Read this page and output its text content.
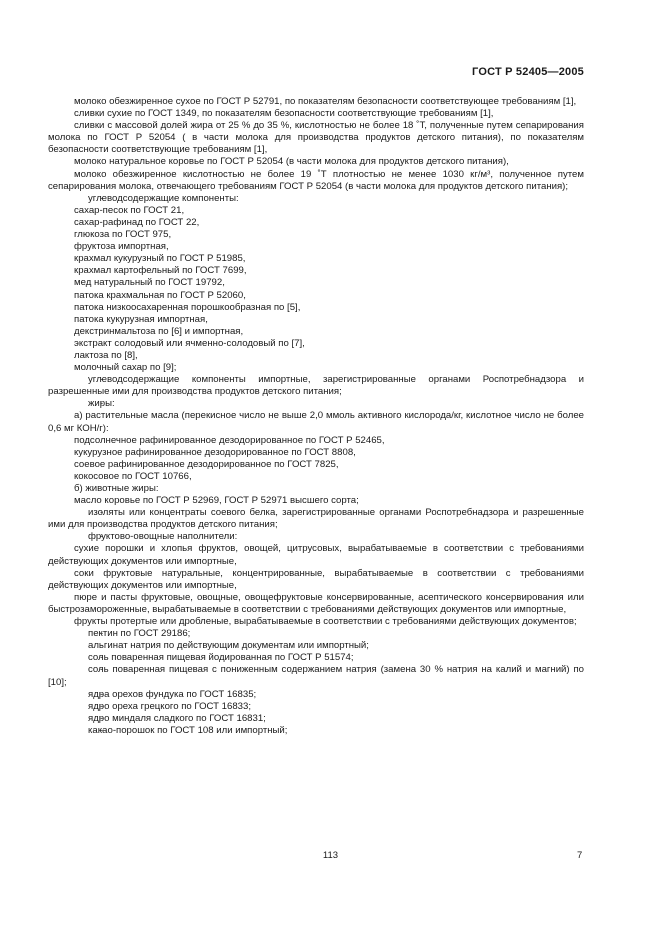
ГОСТ Р 52405—2005

молоко обезжиренное сухое по ГОСТ Р 52791, по показателям безопасности соответствующее требованиям [1],

сливки сухие по ГОСТ 1349, по показателям безопасности соответствующие требованиям [1],

сливки с массовой долей жира от 25 % до 35 %, кислотностью не более 18 ˚Т, полученные путем сепарирования молока по ГОСТ Р 52054 ( в части молока для производства продуктов детского питания), по показателям безопасности соответствующие требованиям [1],

молоко натуральное коровье по ГОСТ Р 52054 (в части молока для продуктов детского питания),

молоко обезжиренное кислотностью не более 19 ˚Т плотностью не менее 1030 кг/м³, полученное путем сепарирования молока, отвечающего требованиям ГОСТ Р 52054 (в части молока для продуктов детского питания);

- углеводсодержащие компоненты:

сахар-песок по ГОСТ 21,

сахар-рафинад по ГОСТ 22,

глюкоза по ГОСТ 975,

фруктоза импортная,

крахмал кукурузный по ГОСТ Р 51985,

крахмал картофельный по ГОСТ 7699,

мед натуральный по ГОСТ 19792,

патока крахмальная по ГОСТ Р 52060,

патока низкоосахаренная порошкообразная по [5],

патока кукурузная импортная,

декстринмальтоза по [6] и импортная,

экстракт солодовый или ячменно-солодовый по [7],

лактоза по [8],

молочный сахар по [9];

- углеводсодержащие компоненты импортные, зарегистрированные органами Роспотребнадзора и разрешенные ими для производства продуктов детского питания;

- жиры:

а) растительные масла (перекисное число не выше 2,0 ммоль активного кислорода/кг, кислотное число не более 0,6 мг КОН/г):

подсолнечное рафинированное дезодорированное по ГОСТ Р 52465,

кукурузное рафинированное дезодорированное по ГОСТ 8808,

соевое рафинированное дезодорированное по ГОСТ 7825,

кокосовое по ГОСТ 10766,

б) животные жиры:

масло коровье по ГОСТ Р 52969, ГОСТ Р 52971 высшего сорта;

- изоляты или концентраты соевого белка, зарегистрированные органами Роспотребнадзора и разрешенные ими для производства продуктов детского питания;

- фруктово-овощные наполнители:

сухие порошки и хлопья фруктов, овощей, цитрусовых, вырабатываемые в соответствии с требованиями действующих документов или импортные,

соки фруктовые натуральные, концентрированные, вырабатываемые в соответствии с требованиями действующих документов или импортные,

пюре и пасты фруктовые, овощные, овощефруктовые консервированные, асептического консервирования или быстрозамороженные, вырабатываемые в соответствии с требованиями действующих документов или импортные,

фрукты протертые или дробленые, вырабатываемые в соответствии с требованиями действующих документов;

- пектин по ГОСТ 29186;

- альгинат натрия по действующим документам или импортный;

- соль поваренная пищевая йодированная по ГОСТ Р 51574;

- соль поваренная пищевая с пониженным содержанием натрия (замена 30 % натрия на калий и магний) по [10];

- ядра орехов фундука по ГОСТ 16835;

- ядро ореха грецкого по ГОСТ 16833;

- ядро миндаля сладкого по ГОСТ 16831;

- какао-порошок по ГОСТ 108 или импортный;

113	7
